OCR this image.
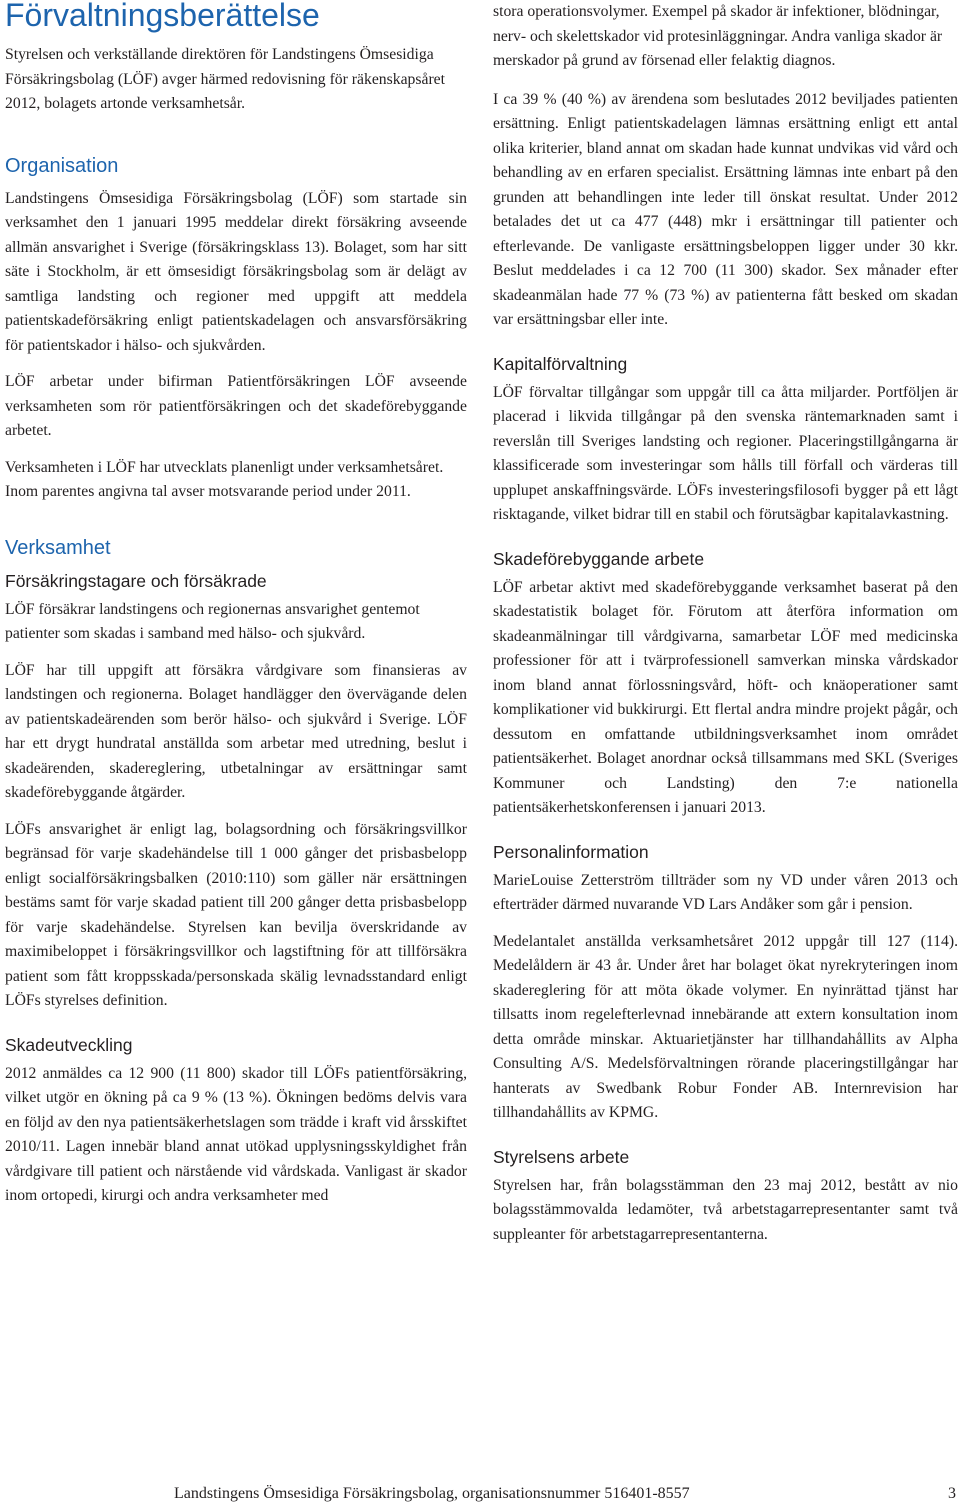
Förvaltningsberättelse

Styrelsen och verkställande direktören för Landstingens Ömsesidiga Försäkringsbolag (LÖF) avger härmed redovisning för räkenskapsåret 2012, bolagets artonde verksamhetsår.

Organisation

Landstingens Ömsesidiga Försäkringsbolag (LÖF) som startade sin verksamhet den 1 januari 1995 meddelar direkt försäkring avseende allmän ansvarighet i Sverige (försäkringsklass 13). Bolaget, som har sitt säte i Stockholm, är ett ömsesidigt försäkringsbolag som är delägt av samtliga landsting och regioner med uppgift att meddela patientskadeförsäkring enligt patientskadelagen och ansvarsförsäkring för patientskador i hälso- och sjukvården.

LÖF arbetar under bifirman Patientförsäkringen LÖF avseende verksamheten som rör patientförsäkringen och det skadeförebyggande arbetet.

Verksamheten i LÖF har utvecklats planenligt under verksamhetsåret. Inom parentes angivna tal avser motsvarande period under 2011.

Verksamhet
Försäkringstagare och försäkrade

LÖF försäkrar landstingens och regionernas ansvarighet gentemot patienter som skadas i samband med hälso- och sjukvård.

LÖF har till uppgift att försäkra vårdgivare som finansieras av landstingen och regionerna. Bolaget handlägger den övervägande delen av patientskadeärenden som berör hälso- och sjukvård i Sverige. LÖF har ett drygt hundratal anställda som arbetar med utredning, beslut i skadeärenden, skadereglering, utbetalningar av ersättningar samt skadeförebyggande åtgärder.

LÖFs ansvarighet är enligt lag, bolagsordning och försäkringsvillkor begränsad för varje skadehändelse till 1 000 gånger det prisbasbelopp enligt socialförsäkringsbalken (2010:110) som gäller när ersättningen bestäms samt för varje skadad patient till 200 gånger detta prisbasbelopp för varje skadehändelse. Styrelsen kan bevilja överskridande av maximibeloppet i försäkringsvillkor och lagstiftning för att tillförsäkra patient som fått kroppsskada/personskada skälig levnadsstandard enligt LÖFs styrelses definition.

Skadeutveckling

2012 anmäldes ca 12 900 (11 800) skador till LÖFs patientförsäkring, vilket utgör en ökning på ca 9 % (13 %). Ökningen bedöms delvis vara en följd av den nya patientsäkerhetslagen som trädde i kraft vid årsskiftet 2010/11. Lagen innebär bland annat utökad upplysningsskyldighet från vårdgivare till patient och närstående vid vårdskada. Vanligast är skador inom ortopedi, kirurgi och andra verksamheter med

stora operationsvolymer. Exempel på skador är infektioner, blödningar, nerv- och skelettskador vid protesinläggningar. Andra vanliga skador är merskador på grund av försenad eller felaktig diagnos.

I ca 39 % (40 %) av ärendena som beslutades 2012 beviljades patienten ersättning. Enligt patientskadelagen lämnas ersättning enligt ett antal olika kriterier, bland annat om skadan hade kunnat undvikas vid vård och behandling av en erfaren specialist. Ersättning lämnas inte enbart på den grunden att behandlingen inte leder till önskat resultat. Under 2012 betalades det ut ca 477 (448) mkr i ersättningar till patienter och efterlevande. De vanligaste ersättningsbeloppen ligger under 30 kkr. Beslut meddelades i ca 12 700 (11 300) skador. Sex månader efter skadeanmälan hade 77 % (73 %) av patienterna fått besked om skadan var ersättningsbar eller inte.

Kapitalförvaltning

LÖF förvaltar tillgångar som uppgår till ca åtta miljarder. Portföljen är placerad i likvida tillgångar på den svenska räntemarknaden samt i reverslån till Sveriges landsting och regioner. Placeringstillgångarna är klassificerade som investeringar som hålls till förfall och värderas till upplupet anskaffningsvärde. LÖFs investeringsfilosofi bygger på ett lågt risktagande, vilket bidrar till en stabil och förutsägbar kapitalavkastning.

Skadeförebyggande arbete

LÖF arbetar aktivt med skadeförebyggande verksamhet baserat på den skadestatistik bolaget för. Förutom att återföra information om skadeanmälningar till vårdgivarna, samarbetar LÖF med medicinska professioner för att i tvärprofessionell samverkan minska vårdskador inom bland annat förlossningsvård, höft- och knäoperationer samt komplikationer vid bukkirurgi. Ett flertal andra mindre projekt pågår, och dessutom en omfattande utbildningsverksamhet inom området patientsäkerhet. Bolaget anordnar också tillsammans med SKL (Sveriges Kommuner och Landsting) den 7:e nationella patientsäkerhetskonferensen i januari 2013.

Personalinformation

MarieLouise Zetterström tillträder som ny VD under våren 2013 och efterträder därmed nuvarande VD Lars Andåker som går i pension.

Medelantalet anställda verksamhetsåret 2012 uppgår till 127 (114). Medelåldern är 43 år. Under året har bolaget ökat nyrekryteringen inom skadereglering för att möta ökade volymer. En nyinrättad tjänst har tillsatts inom regelefterlevnad innebärande att extern konsultation inom detta område minskar. Aktuarietjänster har tillhandahållits av Alpha Consulting A/S. Medelsförvaltningen rörande placeringstillgångar har hanterats av Swedbank Robur Fonder AB. Internrevision har tillhandahållits av KPMG.

Styrelsens arbete

Styrelsen har, från bolagsstämman den 23 maj 2012, bestått av nio bolagsstämmovalda ledamöter, två arbetstagarrepresentanter samt två suppleanter för arbetstagarrepresentanterna.

Landstingens Ömsesidiga Försäkringsbolag, organisationsnummer 516401-8557	3
